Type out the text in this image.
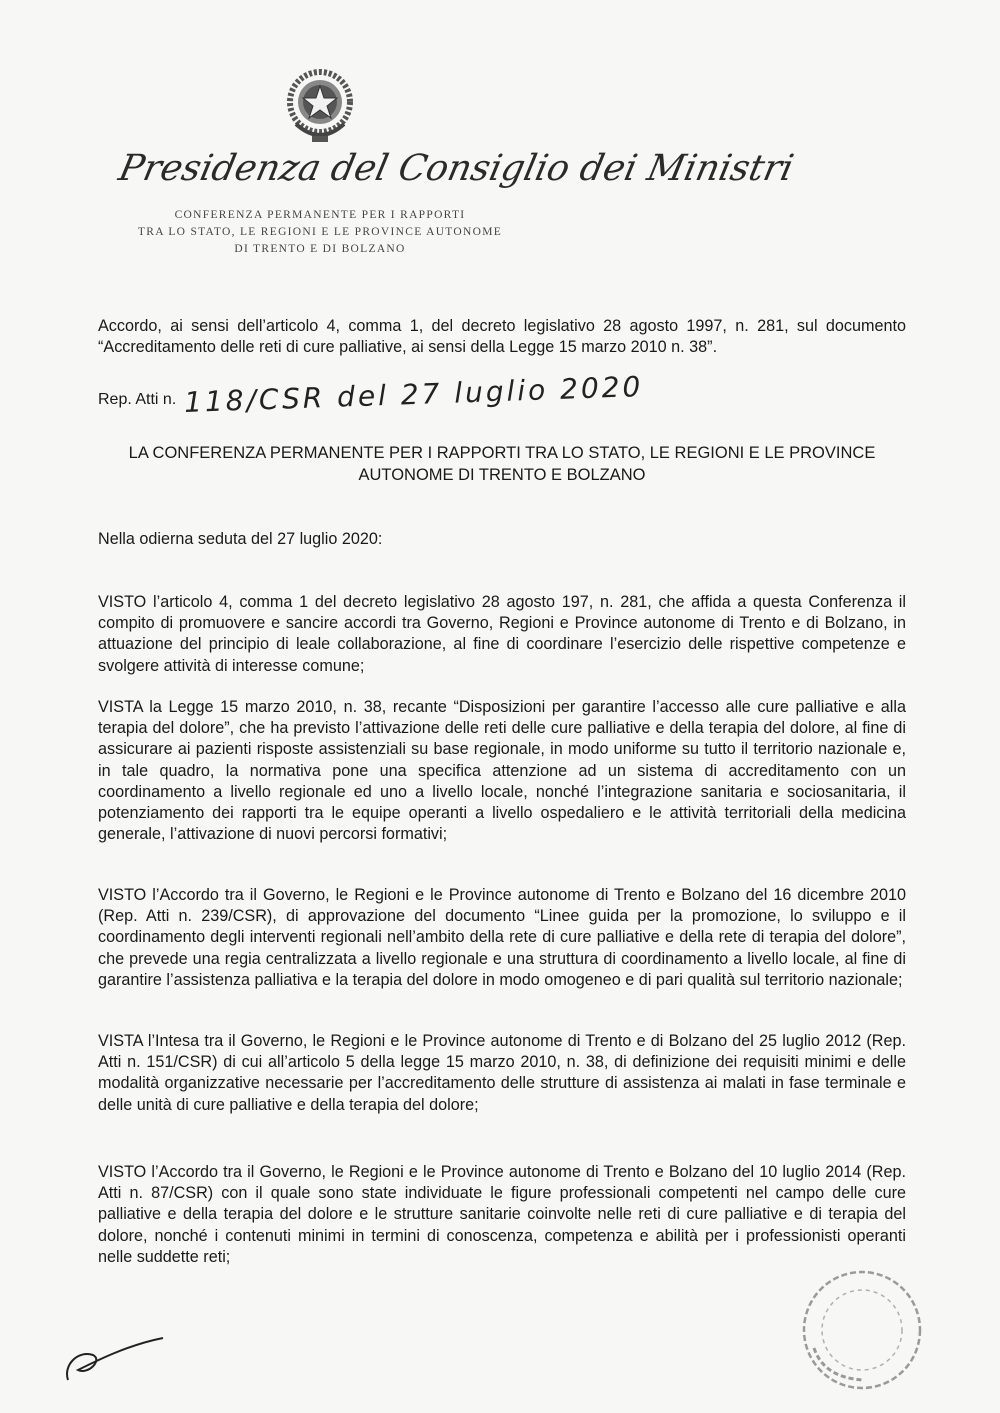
Presidenza del Consiglio dei Ministri
CONFERENZA PERMANENTE PER I RAPPORTI
TRA LO STATO, LE REGIONI E LE PROVINCE AUTONOME
DI TRENTO E DI BOLZANO
Accordo, ai sensi dell’articolo 4, comma 1, del decreto legislativo 28 agosto 1997, n. 281, sul documento “Accreditamento delle reti di cure palliative, ai sensi della Legge 15 marzo 2010 n. 38”.
Rep. Atti n. 118/CSR del 27 luglio 2020
LA CONFERENZA PERMANENTE PER I RAPPORTI TRA LO STATO, LE REGIONI E LE PROVINCE AUTONOME DI TRENTO E BOLZANO
Nella odierna seduta del 27 luglio 2020:
VISTO l’articolo 4, comma 1 del decreto legislativo 28 agosto 197, n. 281, che affida a questa Conferenza il compito di promuovere e sancire accordi tra Governo, Regioni e Province autonome di Trento e di Bolzano, in attuazione del principio di leale collaborazione, al fine di coordinare l’esercizio delle rispettive competenze e svolgere attività di interesse comune;
VISTA la Legge 15 marzo 2010, n. 38, recante “Disposizioni per garantire l’accesso alle cure palliative e alla terapia del dolore”, che ha previsto l’attivazione delle reti delle cure palliative e della terapia del dolore, al fine di assicurare ai pazienti risposte assistenziali su base regionale, in modo uniforme su tutto il territorio nazionale e, in tale quadro, la normativa pone una specifica attenzione ad un sistema di accreditamento con un coordinamento a livello regionale ed uno a livello locale, nonché l’integrazione sanitaria e sociosanitaria, il potenziamento dei rapporti tra le equipe operanti a livello ospedaliero e le attività territoriali della medicina generale, l’attivazione di nuovi percorsi formativi;
VISTO l’Accordo tra il Governo, le Regioni e le Province autonome di Trento e Bolzano del 16 dicembre 2010 (Rep. Atti n. 239/CSR), di approvazione del documento “Linee guida per la promozione, lo sviluppo e il coordinamento degli interventi regionali nell’ambito della rete di cure palliative e della rete di terapia del dolore”, che prevede una regia centralizzata a livello regionale e una struttura di coordinamento a livello locale, al fine di garantire l’assistenza palliativa e la terapia del dolore in modo omogeneo e di pari qualità sul territorio nazionale;
VISTA l’Intesa tra il Governo, le Regioni e le Province autonome di Trento e di Bolzano del 25 luglio 2012 (Rep. Atti n. 151/CSR) di cui all’articolo 5 della legge 15 marzo 2010, n. 38, di definizione dei requisiti minimi e delle modalità organizzative necessarie per l’accreditamento delle strutture di assistenza ai malati in fase terminale e delle unità di cure palliative e della terapia del dolore;
VISTO l’Accordo tra il Governo, le Regioni e le Province autonome di Trento e Bolzano del 10 luglio 2014 (Rep. Atti n. 87/CSR) con il quale sono state individuate le figure professionali competenti nel campo delle cure palliative e della terapia del dolore e le strutture sanitarie coinvolte nelle reti di cure palliative e di terapia del dolore, nonché i contenuti minimi in termini di conoscenza, competenza e abilità per i professionisti operanti nelle suddette reti;
